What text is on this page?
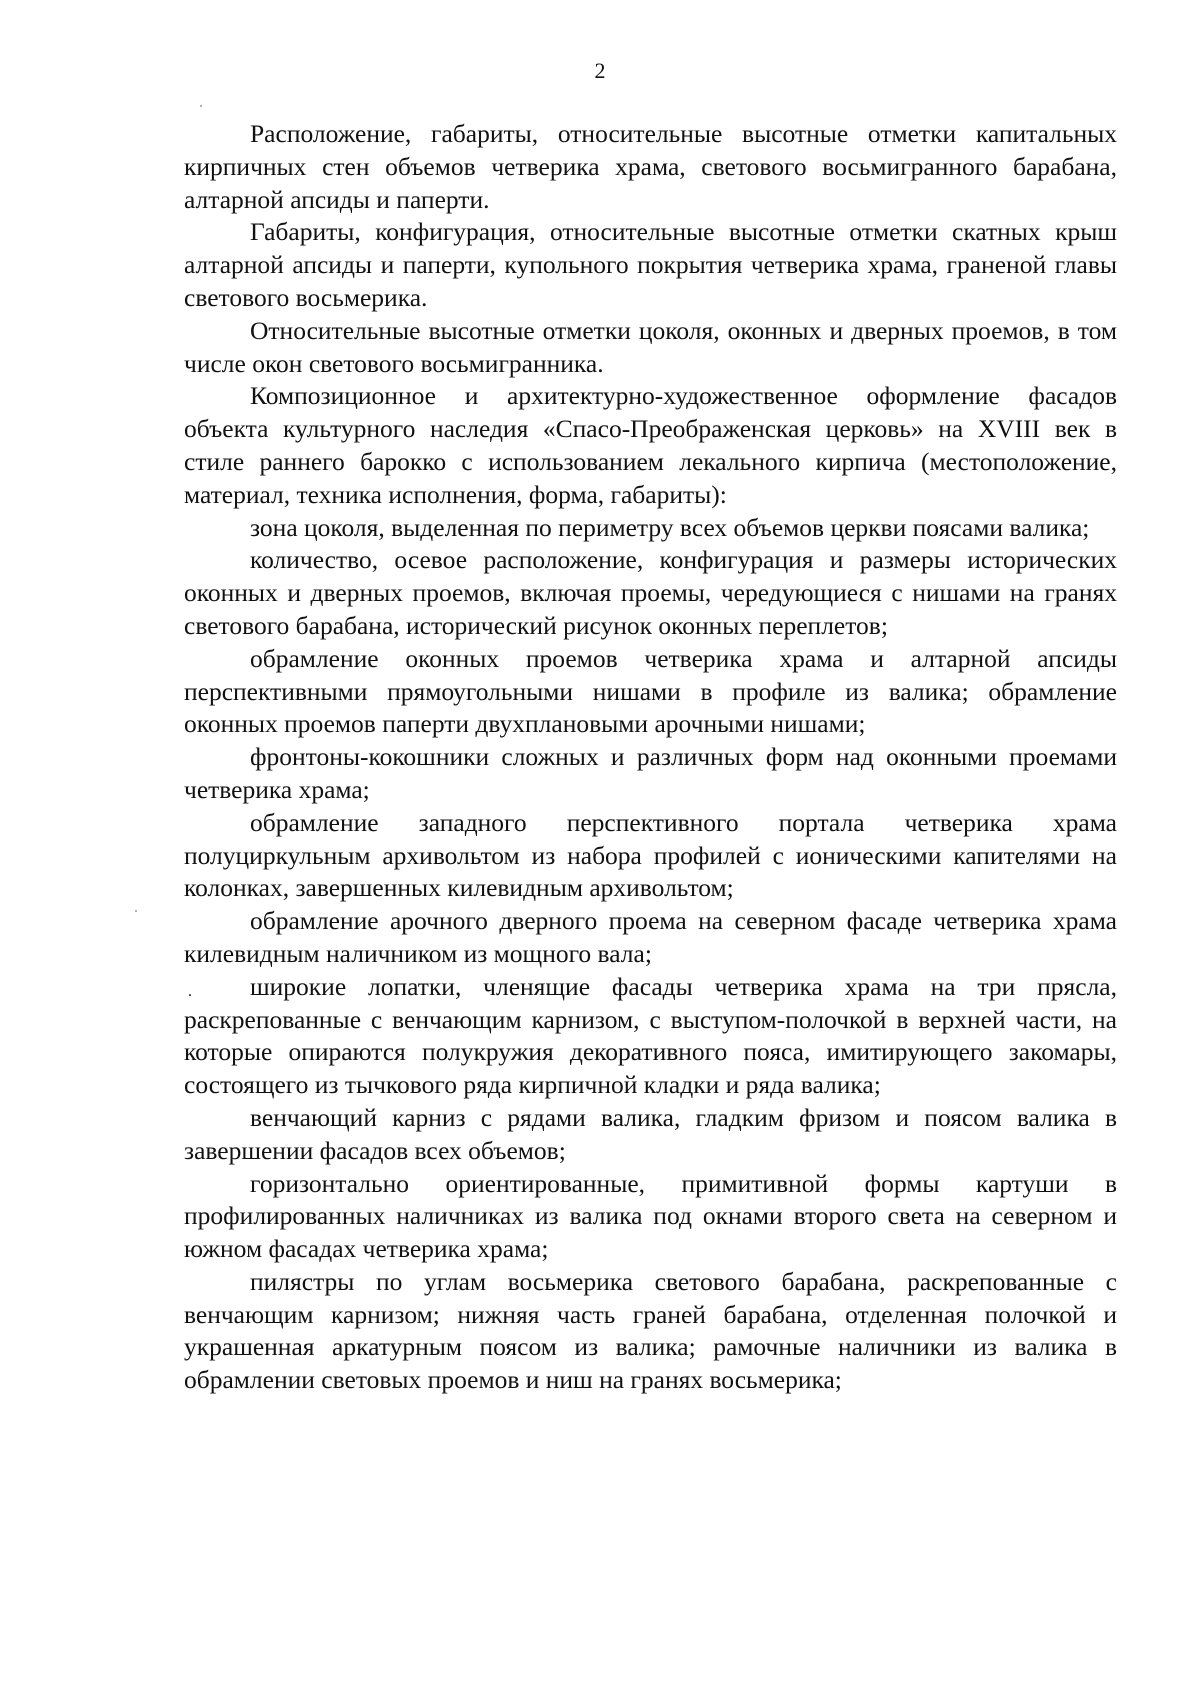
2

Расположение, габариты, относительные высотные отметки капитальных кирпичных стен объемов четверика храма, светового восьмигранного барабана, алтарной апсиды и паперти.

Габариты, конфигурация, относительные высотные отметки скатных крыш алтарной апсиды и паперти, купольного покрытия четверика храма, граненой главы светового восьмерика.

Относительные высотные отметки цоколя, оконных и дверных проемов, в том числе окон светового восьмигранника.

Композиционное и архитектурно-художественное оформление фасадов объекта культурного наследия «Спасо-Преображенская церковь» на XVIII век в стиле раннего барокко с использованием лекального кирпича (местоположение, материал, техника исполнения, форма, габариты):

зона цоколя, выделенная по периметру всех объемов церкви поясами валика;

количество, осевое расположение, конфигурация и размеры исторических оконных и дверных проемов, включая проемы, чередующиеся с нишами на гранях светового барабана, исторический рисунок оконных переплетов;

обрамление оконных проемов четверика храма и алтарной апсиды перспективными прямоугольными нишами в профиле из валика; обрамление оконных проемов паперти двухплановыми арочными нишами;

фронтоны-кокошники сложных и различных форм над оконными проемами четверика храма;

обрамление западного перспективного портала четверика храма полуциркульным архивольтом из набора профилей с ионическими капителями на колонках, завершенных килевидным архивольтом;

обрамление арочного дверного проема на северном фасаде четверика храма килевидным наличником из мощного вала;

широкие лопатки, членящие фасады четверика храма на три прясла, раскрепованные с венчающим карнизом, с выступом-полочкой в верхней части, на которые опираются полукружия декоративного пояса, имитирующего закомары, состоящего из тычкового ряда кирпичной кладки и ряда валика;

венчающий карниз с рядами валика, гладким фризом и поясом валика в завершении фасадов всех объемов;

горизонтально ориентированные, примитивной формы картуши в профилированных наличниках из валика под окнами второго света на северном и южном фасадах четверика храма;

пилястры по углам восьмерика светового барабана, раскрепованные с венчающим карнизом; нижняя часть граней барабана, отделенная полочкой и украшенная аркатурным поясом из валика; рамочные наличники из валика в обрамлении световых проемов и ниш на гранях восьмерика;

.
